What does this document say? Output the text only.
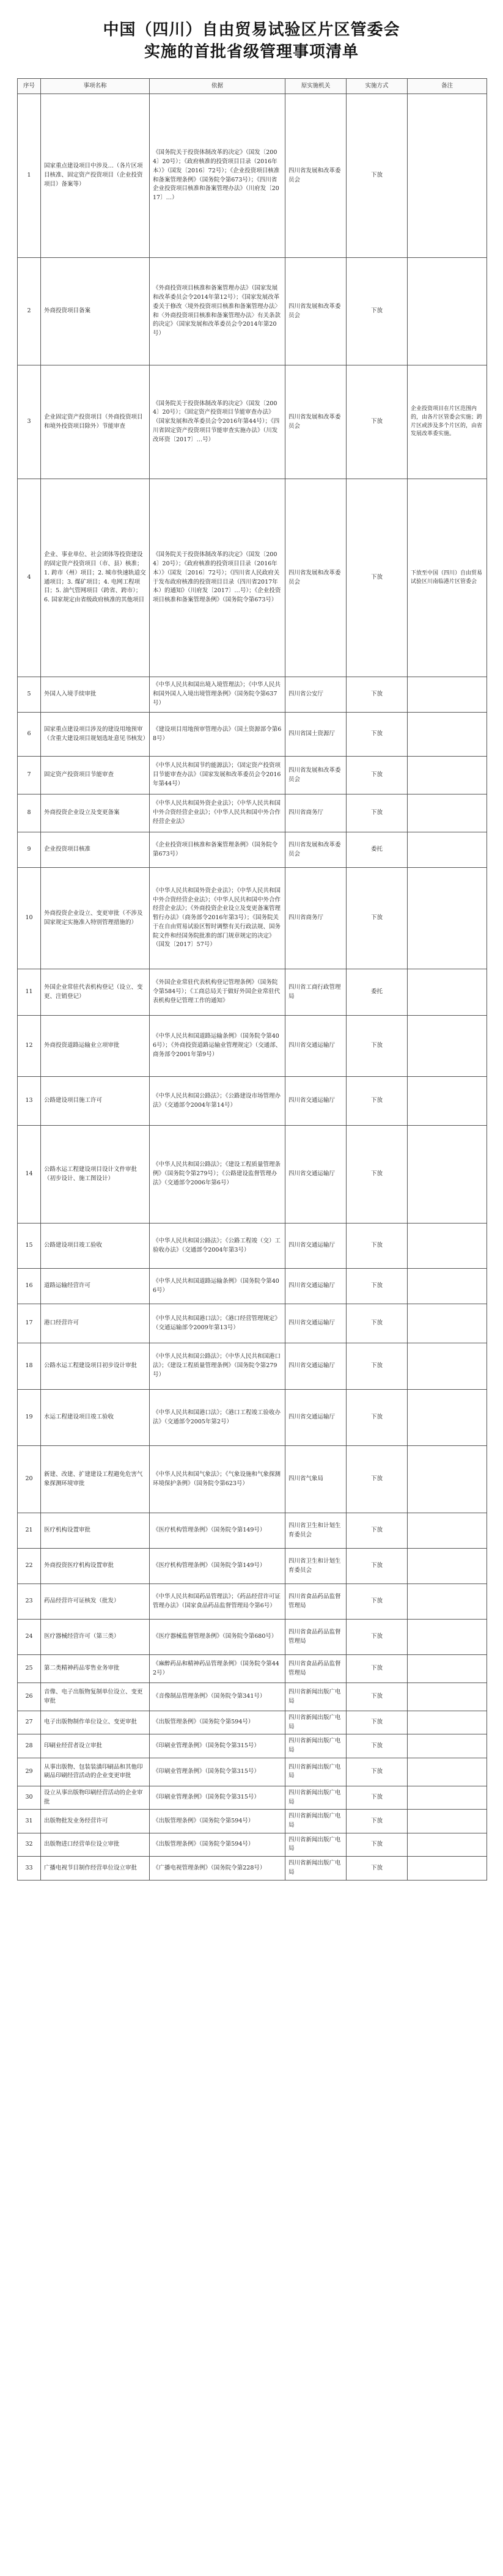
中国（四川）自由贸易试验区片区管委会
实施的首批省级管理事项清单
序号	事项名称	依据	原实施机关	实施方式	备注
1	国家重点建设项目中涉及…（各片区项目核准、固定资产投资项目（企业投资项目）备案等）	《国务院关于投资体制改革的决定》（国发〔2004〕20号）；《政府核准的投资项目目录（2016年本）》（国发〔2016〕72号）；《企业投资项目核准和备案管理条例》（国务院令第673号）；《四川省企业投资项目核准和备案管理办法》（川府发〔2017〕…）	四川省发展和改革委员会	下放	
2	外商投资项目备案	《外商投资项目核准和备案管理办法》（国家发展和改革委员会令2014年第12号）；《国家发展改革委关于修改〈境外投资项目核准和备案管理办法〉和〈外商投资项目核准和备案管理办法〉有关条款的决定》（国家发展和改革委员会令2014年第20号）	四川省发展和改革委员会	下放	
3	企业固定资产投资项目（外商投资项目和境外投资项目除外）节能审查	《国务院关于投资体制改革的决定》（国发〔2004〕20号）；《固定资产投资项目节能审查办法》（国家发展和改革委员会令2016年第44号）；《四川省固定资产投资项目节能审查实施办法》（川发改环资〔2017〕…号）	四川省发展和改革委员会	下放	企业投资项目在片区范围内的，由各片区管委会实施；跨片区或涉及多个片区的，由省发展改革委实施。
4	企业、事业单位、社会团体等投资建设的固定资产投资项目（市、县）核准；1. 跨市（州）项目；2. 城市快速轨道交通项目；3. 煤矿项目；4. 电网工程项目；5. 油气管网项目（跨省、跨市）；6. 国家规定由省级政府核准的其他项目	《国务院关于投资体制改革的决定》（国发〔2004〕20号）；《政府核准的投资项目目录（2016年本）》（国发〔2016〕72号）；《四川省人民政府关于发布政府核准的投资项目目录（四川省2017年本）的通知》（川府发〔2017〕…号）；《企业投资项目核准和备案管理条例》（国务院令第673号）	四川省发展和改革委员会	下放	下放至中国（四川）自由贸易试验区川南临港片区管委会
5	外国人入境手续审批	《中华人民共和国出境入境管理法》；《中华人民共和国外国人入境出境管理条例》（国务院令第637号）	四川省公安厅	下放	
6	国家重点建设项目涉及的建设用地预审（含重大建设项目规划选址意见书核发）	《建设项目用地预审管理办法》（国土资源部令第68号）	四川省国土资源厅	下放	
7	固定资产投资项目节能审查	《中华人民共和国节约能源法》；《固定资产投资项目节能审查办法》（国家发展和改革委员会令2016年第44号）	四川省发展和改革委员会	下放	
8	外商投资企业设立及变更备案	《中华人民共和国外资企业法》；《中华人民共和国中外合资经营企业法》；《中华人民共和国中外合作经营企业法》	四川省商务厅	下放	
9	企业投资项目核准	《企业投资项目核准和备案管理条例》（国务院令第673号）	四川省发展和改革委员会	委托	
10	外商投资企业设立、变更审批（不涉及国家规定实施准入特别管理措施的）	《中华人民共和国外资企业法》；《中华人民共和国中外合资经营企业法》；《中华人民共和国中外合作经营企业法》；《外商投资企业设立及变更备案管理暂行办法》（商务部令2016年第3号）；《国务院关于在自由贸易试验区暂时调整有关行政法规、国务院文件和经国务院批准的部门规章规定的决定》（国发〔2017〕57号）	四川省商务厅	下放	
11	外国企业常驻代表机构登记（设立、变更、注销登记）	《外国企业常驻代表机构登记管理条例》（国务院令第584号）；《工商总局关于做好外国企业常驻代表机构登记管理工作的通知》	四川省工商行政管理局	委托	
12	外商投资道路运输业立项审批	《中华人民共和国道路运输条例》（国务院令第406号）；《外商投资道路运输业管理规定》（交通部、商务部令2001年第9号）	四川省交通运输厅	下放	
13	公路建设项目施工许可	《中华人民共和国公路法》；《公路建设市场管理办法》（交通部令2004年第14号）	四川省交通运输厅	下放	
14	公路水运工程建设项目设计文件审批（初步设计、施工图设计）	《中华人民共和国公路法》；《建设工程质量管理条例》（国务院令第279号）；《公路建设监督管理办法》（交通部令2006年第6号）	四川省交通运输厅	下放	
15	公路建设项目竣工验收	《中华人民共和国公路法》；《公路工程竣（交）工验收办法》（交通部令2004年第3号）	四川省交通运输厅	下放	
16	道路运输经营许可	《中华人民共和国道路运输条例》（国务院令第406号）	四川省交通运输厅	下放	
17	港口经营许可	《中华人民共和国港口法》；《港口经营管理规定》（交通运输部令2009年第13号）	四川省交通运输厅	下放	
18	公路水运工程建设项目初步设计审批	《中华人民共和国公路法》；《中华人民共和国港口法》；《建设工程质量管理条例》（国务院令第279号）	四川省交通运输厅	下放	
19	水运工程建设项目竣工验收	《中华人民共和国港口法》；《港口工程竣工验收办法》（交通部令2005年第2号）	四川省交通运输厅	下放	
20	新建、改建、扩建建设工程避免危害气象探测环境审批	《中华人民共和国气象法》；《气象设施和气象探测环境保护条例》（国务院令第623号）	四川省气象局	下放	
21	医疗机构设置审批	《医疗机构管理条例》（国务院令第149号）	四川省卫生和计划生育委员会	下放	
22	外商投资医疗机构设置审批	《医疗机构管理条例》（国务院令第149号）	四川省卫生和计划生育委员会	下放	
23	药品经营许可证核发（批发）	《中华人民共和国药品管理法》；《药品经营许可证管理办法》（国家食品药品监督管理局令第6号）	四川省食品药品监督管理局	下放	
24	医疗器械经营许可（第三类）	《医疗器械监督管理条例》（国务院令第680号）	四川省食品药品监督管理局	下放	
25	第二类精神药品零售业务审批	《麻醉药品和精神药品管理条例》（国务院令第442号）	四川省食品药品监督管理局	下放	
26	音像、电子出版物复制单位设立、变更审批	《音像制品管理条例》（国务院令第341号）	四川省新闻出版广电局	下放	
27	电子出版物制作单位设立、变更审批	《出版管理条例》（国务院令第594号）	四川省新闻出版广电局	下放	
28	印刷业经营者设立审批	《印刷业管理条例》（国务院令第315号）	四川省新闻出版广电局	下放	
29	从事出版物、包装装潢印刷品和其他印刷品印刷经营活动的企业变更审批	《印刷业管理条例》（国务院令第315号）	四川省新闻出版广电局	下放	
30	设立从事出版物印刷经营活动的企业审批	《印刷业管理条例》（国务院令第315号）	四川省新闻出版广电局	下放	
31	出版物批发业务经营许可	《出版管理条例》（国务院令第594号）	四川省新闻出版广电局	下放	
32	出版物进口经营单位设立审批	《出版管理条例》（国务院令第594号）	四川省新闻出版广电局	下放	
33	广播电视节目制作经营单位设立审批	《广播电视管理条例》（国务院令第228号）	四川省新闻出版广电局	下放	
